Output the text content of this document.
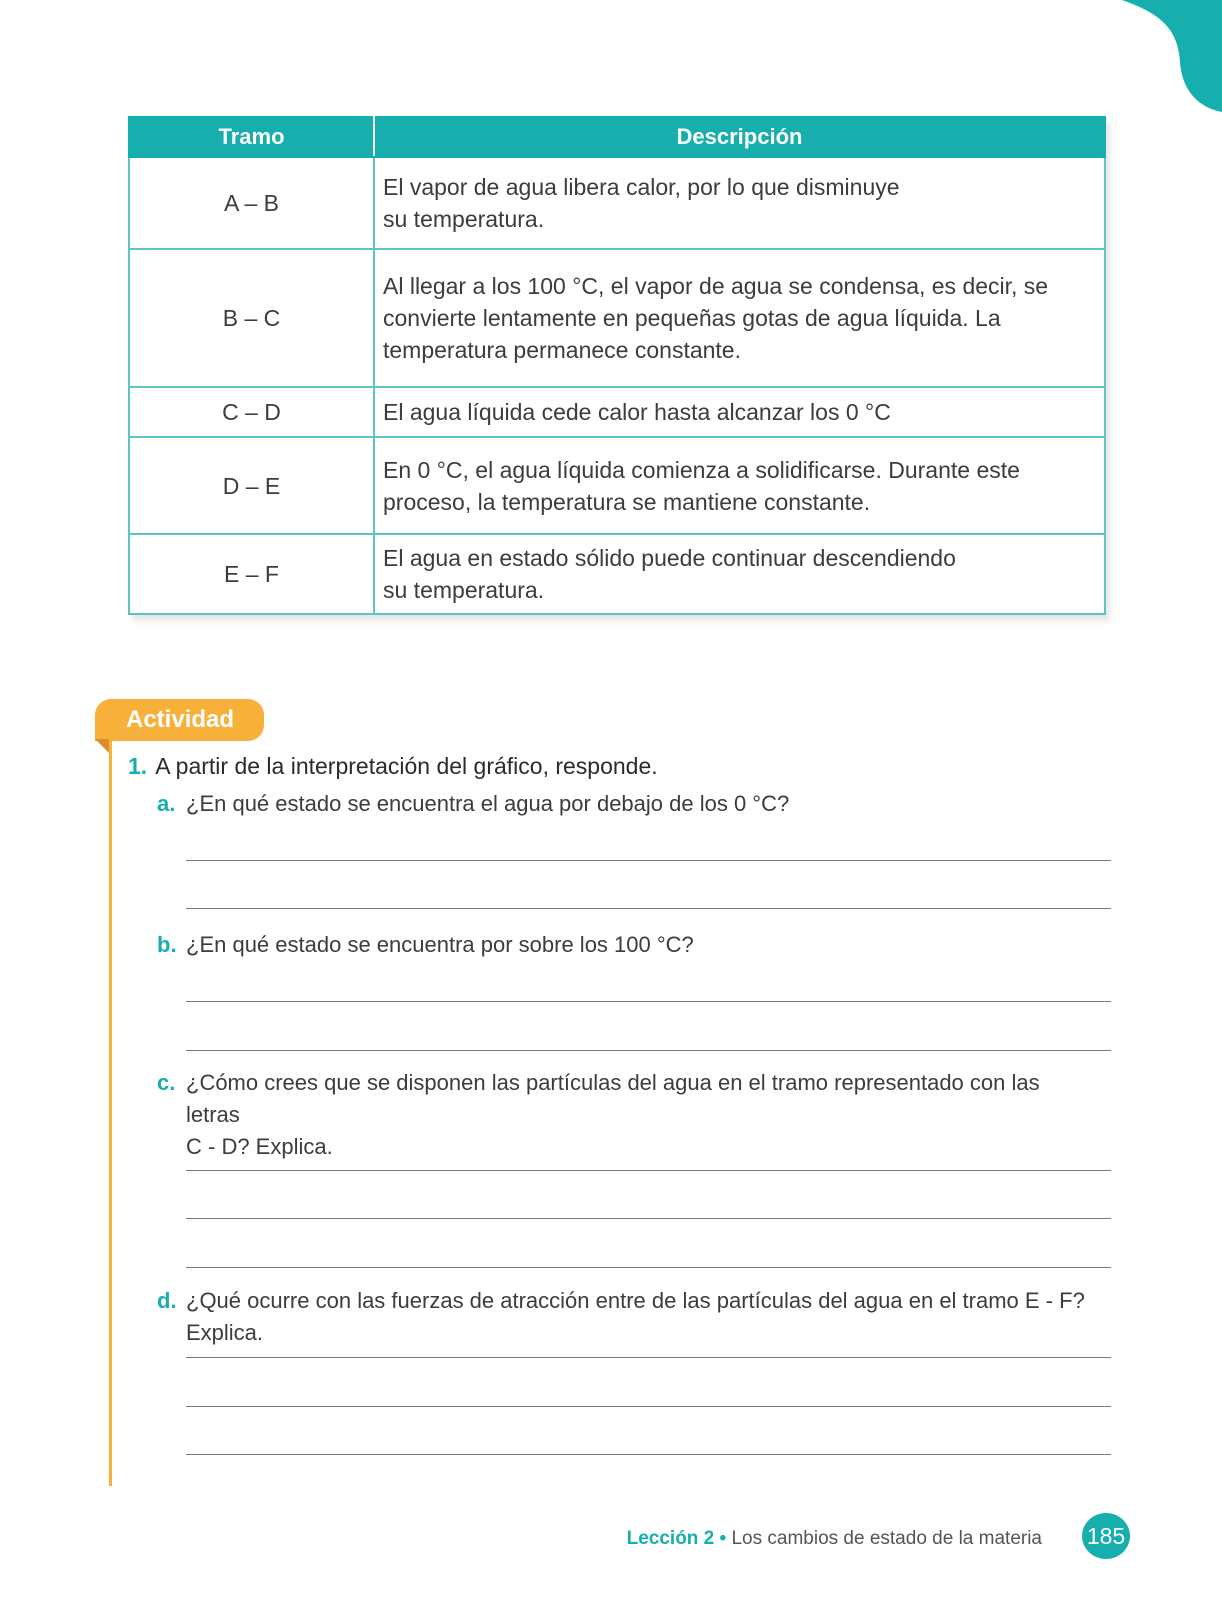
Tramo	Descripción
A – B	El vapor de agua libera calor, por lo que disminuye
su temperatura.
B – C	Al llegar a los 100 °C, el vapor de agua se condensa, es decir, se
convierte lentamente en pequeñas gotas de agua líquida. La
temperatura permanece constante.
C – D	El agua líquida cede calor hasta alcanzar los 0 °C
D – E	En 0 °C, el agua líquida comienza a solidificarse. Durante este
proceso, la temperatura se mantiene constante.
E – F	El agua en estado sólido puede continuar descendiendo
su temperatura.
Actividad
1. A partir de la interpretación del gráfico, responde.
a. ¿En qué estado se encuentra el agua por debajo de los 0 °C?
b. ¿En qué estado se encuentra por sobre los 100 °C?
c. ¿Cómo crees que se disponen las partículas del agua en el tramo representado con las letras
C - D? Explica.
d. ¿Qué ocurre con las fuerzas de atracción entre de las partículas del agua en el tramo E - F? Explica.
Lección 2 • Los cambios de estado de la materia 185
